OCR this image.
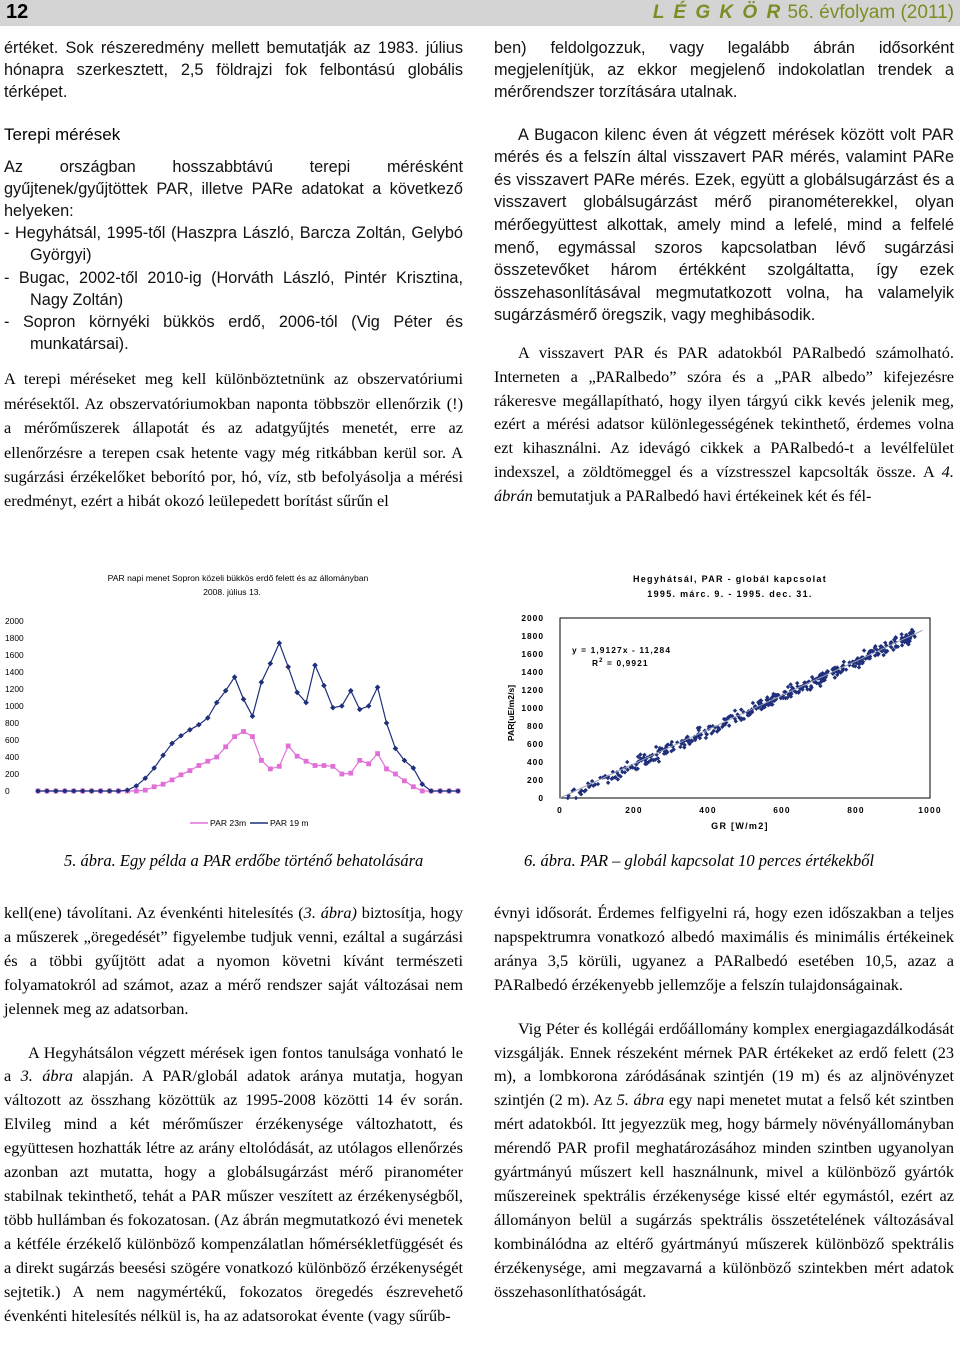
12	L É G K Ö R 56. évfolyam (2011)

értéket. Sok részeredmény mellett bemutatják az 1983. július hónapra szerkesztett, 2,5 földrajzi fok felbontású globális térképet.

Terepi mérések

Az országban hosszabbtávú terepi mérésként gyűjtenek/gyűjtöttek PAR, illetve PARe adatokat a következő helyeken:

- Hegyhátsál, 1995-től (Haszpra László, Barcza Zoltán, Gelybó Györgyi)
- Bugac, 2002-től 2010-ig (Horváth László, Pintér Krisztina, Nagy Zoltán)
- Sopron környéki bükkös erdő, 2006-tól (Vig Péter és munkatársai).

A terepi méréseket meg kell különböztetnünk az obszervatóriumi mérésektől. Az obszervatóriumokban naponta többször ellenőrzik (!) a mérőműszerek állapotát és az adatgyűjtés menetét, erre az ellenőrzésre a terepen csak hetente vagy még ritkábban kerül sor. A sugárzási érzékelőket beborító por, hó, víz, stb befolyásolja a mérési eredményt, ezért a hibát okozó leülepedett borítást sűrűn el

ben) feldolgozzuk, vagy legalább ábrán idősorként megjelenítjük, az ekkor megjelenő indokolatlan trendek a mérőrendszer torzítására utalnak.

A Bugacon kilenc éven át végzett mérések között volt PAR mérés és a felszín által visszavert PAR mérés, valamint PARe és visszavert PARe mérés. Ezek, együtt a globálsugárzást és a visszavert globálsugárzást mérő piranométerekkel, olyan mérőegyüttest alkottak, amely mind a lefelé, mind a felfelé menő, egymással szoros kapcsolatban lévő sugárzási összetevőket három értékként szolgáltatta, így ezek összehasonlításával megmutatkozott volna, ha valamelyik sugárzásmérő öregszik, vagy meghibásodik.

A visszavert PAR és PAR adatokból PARalbedó számolható. Interneten a „PARalbedo” szóra és a „PAR albedo” kifejezésre rákeresve megállapítható, hogy ilyen tárgyú cikk kevés jelenik meg, ezért a mérési adatsor különlegességének tekinthető, érdemes volna ezt kihasználni. Az idevágó cikkek a PARalbedó-t a levélfelület indexszel, a zöldtömeggel és a vízstresszel kapcsolták össze. A 4. ábrán bemutatjuk a PARalbedó havi értékeinek két és fél-

PAR napi menet Sopron közeli bükkös erdő felett és az állományban
2008. július 13.
0
200
400
600
800
1000
1200
1400
1600
1800
2000
PAR 23m	PAR 19 m
Hegyhátsál, PAR - globál kapcsolat
1995. márc. 9. - 1995. dec. 31.
0
200
400
600
800
1000
1200
1400
1600
1800
2000
0	200	400	600	800	1000
PAR[uE/m2/s]
GR [W/m2]
y = 1,9127x - 11,284
$R^2 = 0,9921$
5. ábra. Egy példa a PAR erdőbe történő behatolására	6. ábra. PAR – globál kapcsolat 10 perces értékekből

kell(ene) távolítani. Az évenkénti hitelesítés (3. ábra) biztosítja, hogy a műszerek „öregedését” figyelembe tudjuk venni, ezáltal a sugárzási és a többi gyűjtött adat a nyomon követni kívánt természeti folyamatokról ad számot, azaz a mérő rendszer saját változásai nem jelennek meg az adatsorban.

A Hegyhátsálon végzett mérések igen fontos tanulsága vonható le a 3. ábra alapján. A PAR/globál adatok aránya mutatja, hogyan változott az összhang közöttük az 1995-2008 közötti 14 év során. Elvileg mind a két mérőműszer érzékenysége változhatott, és együttesen hozhatták létre az arány eltolódását, az utólagos ellenőrzés azonban azt mutatta, hogy a globálsugárzást mérő piranométer stabilnak tekinthető, tehát a PAR műszer veszített az érzékenységből, több hullámban és fokozatosan. (Az ábrán megmutatkozó évi menetek a kétféle érzékelő különböző kompenzálatlan hőmérsékletfüggését és a direkt sugárzás beesési szögére vonatkozó különböző érzékenységét sejtetik.) A nem nagymértékű, fokozatos öregedés észrevehető évenkénti hitelesítés nélkül is, ha az adatsorokat évente (vagy sűrűb-

évnyi idősorát. Érdemes felfigyelni rá, hogy ezen időszakban a teljes napspektrumra vonatkozó albedó maximális és minimális értékeinek aránya 3,5 körüli, ugyanez a PARalbedó esetében 10,5, azaz a PARalbedó érzékenyebb jellemzője a felszín tulajdonságainak.

Vig Péter és kollégái erdőállomány komplex energiagazdálkodását vizsgálják. Ennek részeként mérnek PAR értékeket az erdő felett (23 m), a lombkorona záródásának szintjén (19 m) és az aljnövényzet szintjén (2 m). Az 5. ábra egy napi menetet mutat a felső két szintben mért adatokból. Itt jegyezzük meg, hogy bármely növényállományban mérendő PAR profil meghatározásához minden szintben ugyanolyan gyártmányú műszert kell használnunk, mivel a különböző gyártók műszereinek spektrális érzékenysége kissé eltér egymástól, ezért az állományon belül a sugárzás spektrális összetételének változásával kombinálódna az eltérő gyártmányú műszerek különböző spektrális érzékenysége, ami megzavarná a különböző szintekben mért adatok összehasonlíthatóságát.
